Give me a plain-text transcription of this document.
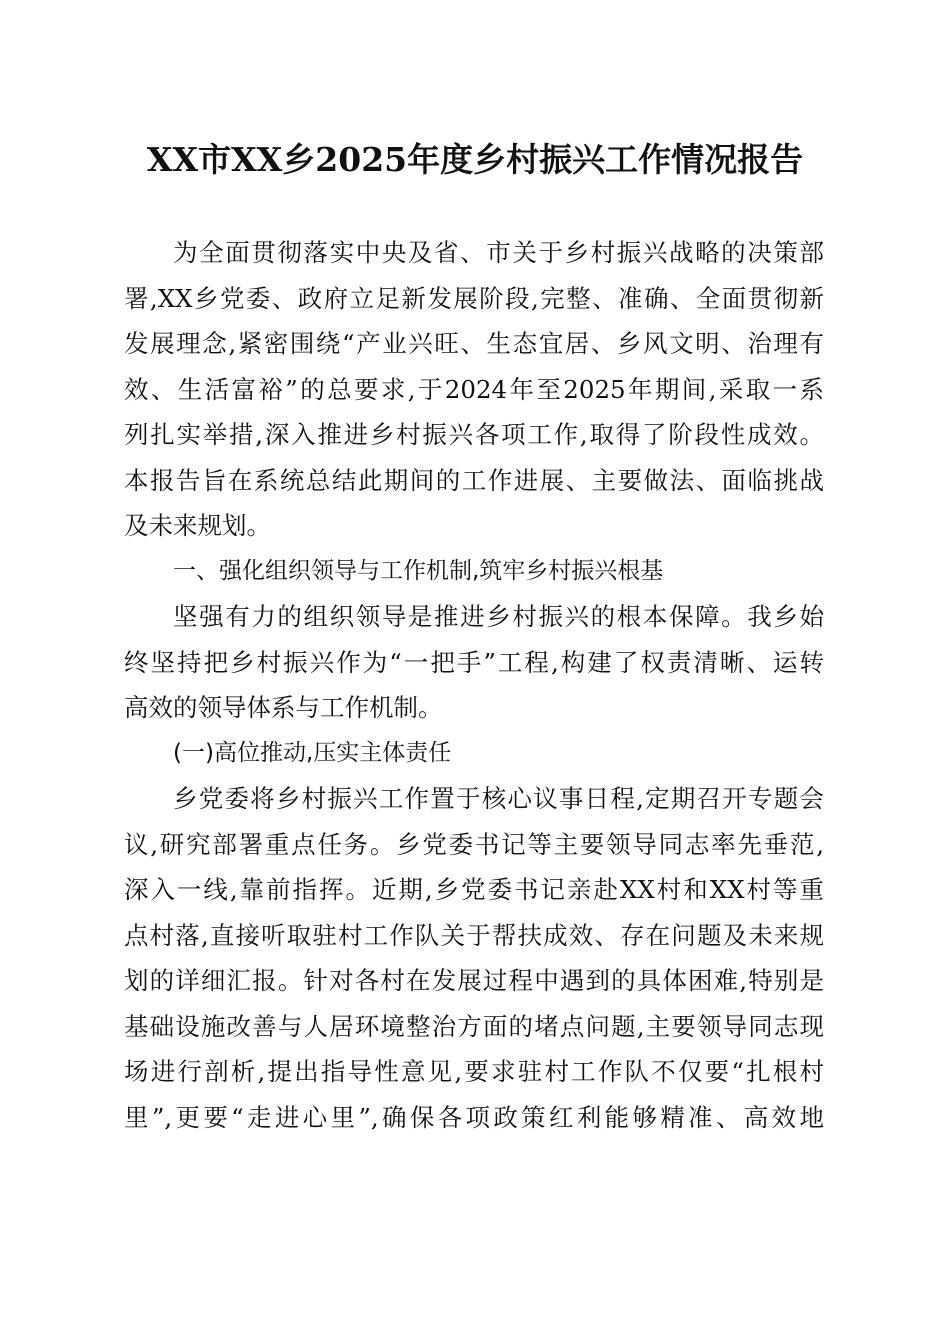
XX市XX乡2025年度乡村振兴工作情况报告
为全面贯彻落实中央及省、市关于乡村振兴战略的决策部
署,XX乡党委、政府立足新发展阶段,完整、准确、全面贯彻新
发展理念,紧密围绕“产业兴旺、生态宜居、乡风文明、治理有
效、生活富裕”的总要求,于2024年至2025年期间,采取一系
列扎实举措,深入推进乡村振兴各项工作,取得了阶段性成效。
本报告旨在系统总结此期间的工作进展、主要做法、面临挑战
及未来规划。
一、强化组织领导与工作机制,筑牢乡村振兴根基
坚强有力的组织领导是推进乡村振兴的根本保障。我乡始
终坚持把乡村振兴作为“一把手”工程,构建了权责清晰、运转
高效的领导体系与工作机制。
(一)高位推动,压实主体责任
乡党委将乡村振兴工作置于核心议事日程,定期召开专题会
议,研究部署重点任务。乡党委书记等主要领导同志率先垂范,
深入一线,靠前指挥。近期,乡党委书记亲赴XX村和XX村等重
点村落,直接听取驻村工作队关于帮扶成效、存在问题及未来规
划的详细汇报。针对各村在发展过程中遇到的具体困难,特别是
基础设施改善与人居环境整治方面的堵点问题,主要领导同志现
场进行剖析,提出指导性意见,要求驻村工作队不仅要“扎根村
里”,更要“走进心里”,确保各项政策红利能够精准、高效地
